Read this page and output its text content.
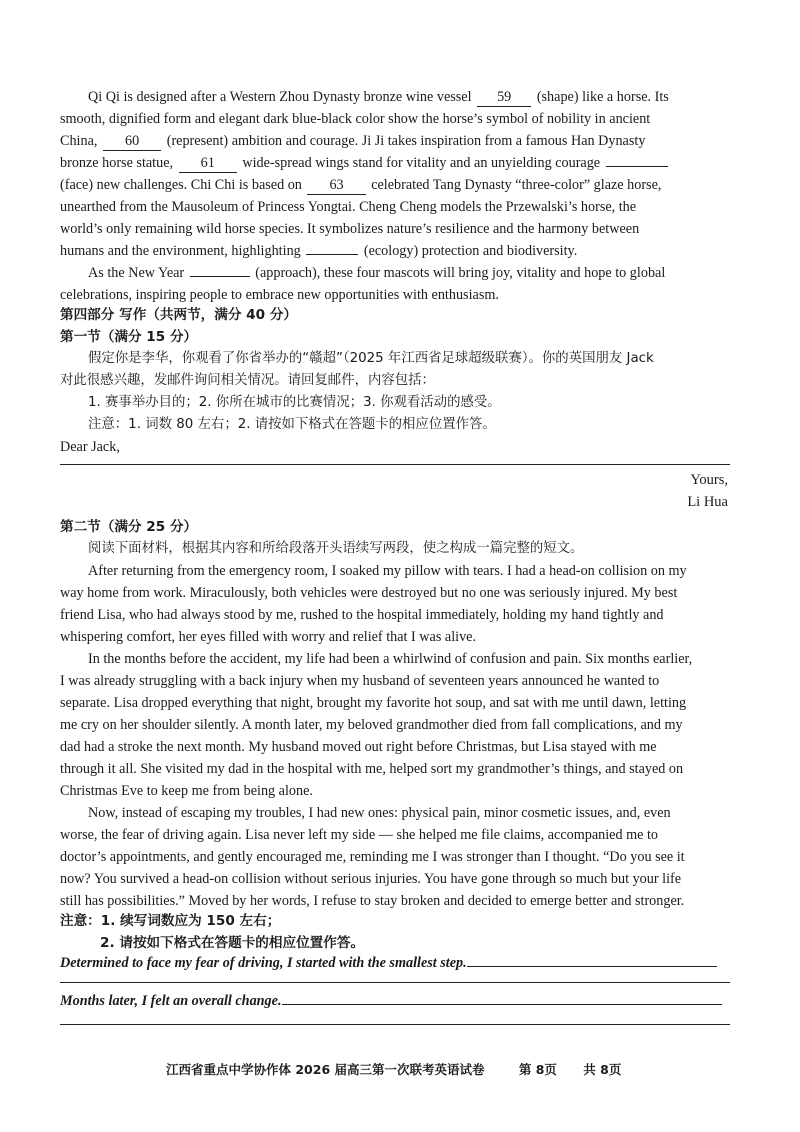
Qi Qi is designed after a Western Zhou Dynasty bronze wine vessel 59 (shape) like a horse. Its
smooth, dignified form and elegant dark blue-black color show the horse’s symbol of nobility in ancient
China, 60 (represent) ambition and courage. Ji Ji takes inspiration from a famous Han Dynasty
bronze horse statue, 61 wide-spread wings stand for vitality and an unyielding courage
(face) new challenges. Chi Chi is based on 63 celebrated Tang Dynasty “three-color” glaze horse,
unearthed from the Mausoleum of Princess Yongtai. Cheng Cheng models the Przewalski’s horse, the
world’s only remaining wild horse species. It symbolizes nature’s resilience and the harmony between
humans and the environment, highlighting	(ecology) protection and biodiversity.
As the New Year	(approach), these four mascots will bring joy, vitality and hope to global
celebrations, inspiring people to embrace new opportunities with enthusiasm.
第四部分 写作（共两节，满分 40 分）
第一节（满分 15 分）
假定你是李华，你观看了你省举办的“赣超”（2025 年江西省足球超级联赛）。你的英国朋友 Jack
对此很感兴趣，发邮件询问相关情况。请回复邮件，内容包括：
1. 赛事举办目的；2. 你所在城市的比赛情况；3. 你观看活动的感受。
注意：1. 词数 80 左右；2. 请按如下格式在答题卡的相应位置作答。
Dear Jack,
Yours,
Li Hua
第二节（满分 25 分）
阅读下面材料，根据其内容和所给段落开头语续写两段，使之构成一篇完整的短文。
After returning from the emergency room, I soaked my pillow with tears. I had a head-on collision on my
way home from work. Miraculously, both vehicles were destroyed but no one was seriously injured. My best
friend Lisa, who had always stood by me, rushed to the hospital immediately, holding my hand tightly and
whispering comfort, her eyes filled with worry and relief that I was alive.
In the months before the accident, my life had been a whirlwind of confusion and pain. Six months earlier,
I was already struggling with a back injury when my husband of seventeen years announced he wanted to
separate. Lisa dropped everything that night, brought my favorite hot soup, and sat with me until dawn, letting
me cry on her shoulder silently. A month later, my beloved grandmother died from fall complications, and my
dad had a stroke the next month. My husband moved out right before Christmas, but Lisa stayed with me
through it all. She visited my dad in the hospital with me, helped sort my grandmother’s things, and stayed on
Christmas Eve to keep me from being alone.
Now, instead of escaping my troubles, I had new ones: physical pain, minor cosmetic issues, and, even
worse, the fear of driving again. Lisa never left my side — she helped me file claims, accompanied me to
doctor’s appointments, and gently encouraged me, reminding me I was stronger than I thought. “Do you see it
now? You survived a head-on collision without serious injuries. You have gone through so much but your life
still has possibilities.” Moved by her words, I refuse to stay broken and decided to emerge better and stronger.
注意：1. 续写词数应为 150 左右；
2. 请按如下格式在答题卡的相应位置作答。
Determined to face my fear of driving, I started with the smallest step.
Months later, I felt an overall change.
江西省重点中学协作体 2026 届高三第一次联考英语试卷	第 8页 共 8页
